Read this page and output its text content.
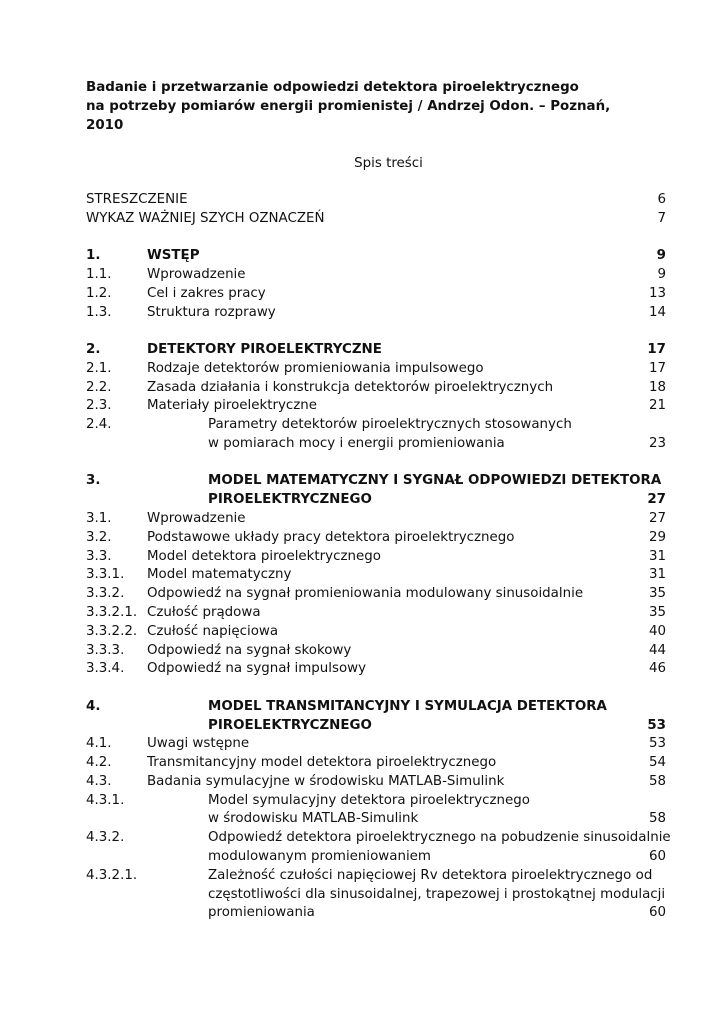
Badanie i przetwarzanie odpowiedzi detektora piroelektrycznego
na potrzeby pomiarów energii promienistej / Andrzej Odon. – Poznań,
2010
Spis treści
STRESZCZENIE	6
WYKAZ WAŻNIEJ SZYCH OZNACZEŃ	7
1.	WSTĘP	9
1.1.	Wprowadzenie	9
1.2.	Cel i zakres pracy	13
1.3.	Struktura rozprawy	14
2.	DETEKTORY PIROELEKTRYCZNE	17
2.1.	Rodzaje detektorów promieniowania impulsowego	17
2.2.	Zasada działania i konstrukcja detektorów piroelektrycznych	18
2.3.	Materiały piroelektryczne	21
2.4.	Parametry detektorów piroelektrycznych stosowanych
w pomiarach mocy i energii promieniowania	23
3.	MODEL MATEMATYCZNY I SYGNAŁ ODPOWIEDZI DETEKTORA
PIROELEKTRYCZNEGO	27
3.1.	Wprowadzenie	27
3.2.	Podstawowe układy pracy detektora piroelektrycznego	29
3.3.	Model detektora piroelektrycznego	31
3.3.1. Model matematyczny	31
3.3.2. Odpowiedź na sygnał promieniowania modulowany sinusoidalnie	35
3.3.2.1. Czułość prądowa	35
3.3.2.2. Czułość napięciowa	40
3.3.3. Odpowiedź na sygnał skokowy	44
3.3.4. Odpowiedź na sygnał impulsowy	46
4.	MODEL TRANSMITANCYJNY I SYMULACJA DETEKTORA
PIROELEKTRYCZNEGO	53
4.1.	Uwagi wstępne	53
4.2.	Transmitancyjny model detektora piroelektrycznego	54
4.3.	Badania symulacyjne w środowisku MATLAB-Simulink	58
4.3.1.	Model symulacyjny detektora piroelektrycznego
w środowisku MATLAB-Simulink	58
4.3.2.	Odpowiedź detektora piroelektrycznego na pobudzenie sinusoidalnie
modulowanym promieniowaniem	60
4.3.2.1.	Zależność czułości napięciowej Rv detektora piroelektrycznego od
częstotliwości dla sinusoidalnej, trapezowej i prostokątnej modulacji
promieniowania	60
